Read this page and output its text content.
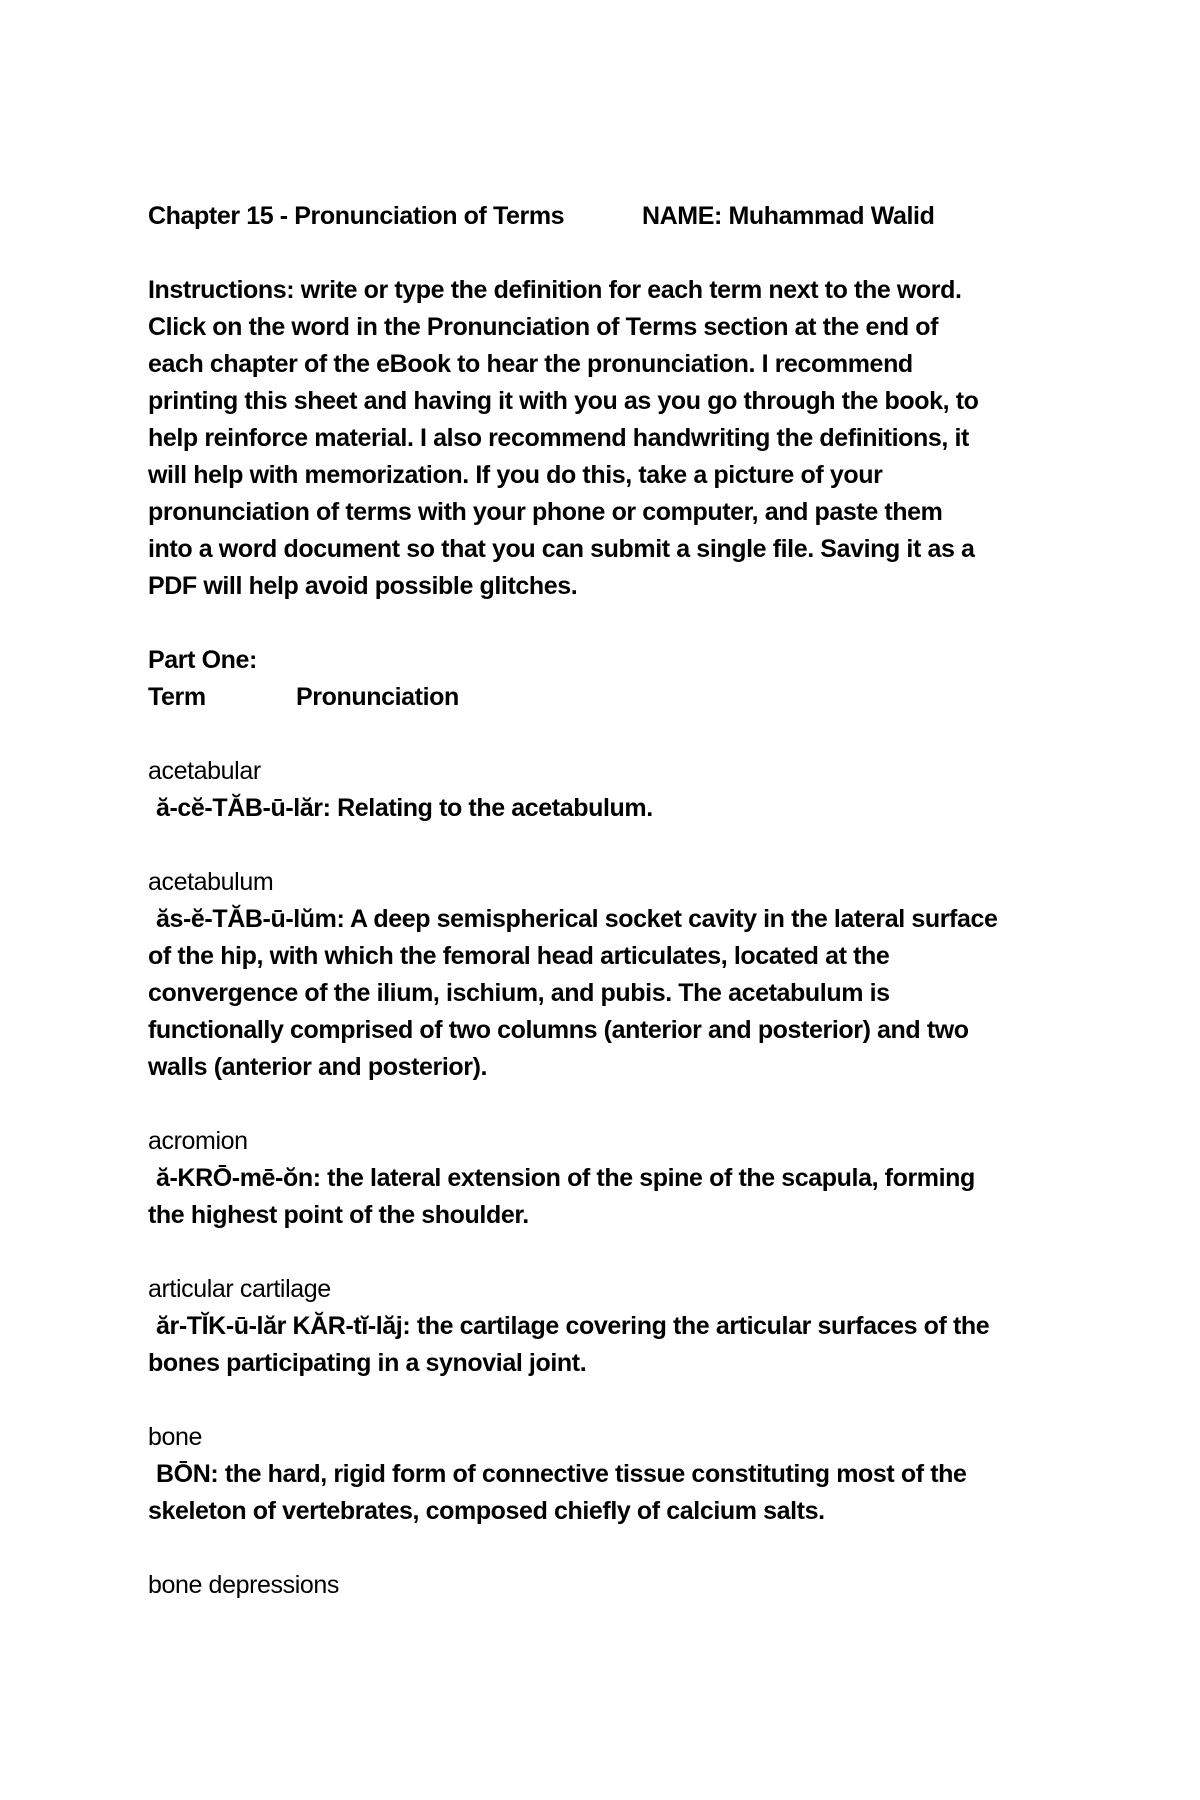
Chapter 15 - Pronunciation of Terms	NAME: Muhammad Walid

Instructions: write or type the definition for each term next to the word.

Click on the word in the Pronunciation of Terms section at the end of

each chapter of the eBook to hear the pronunciation. I recommend

printing this sheet and having it with you as you go through the book, to

help reinforce material. I also recommend handwriting the definitions, it

will help with memorization. If you do this, take a picture of your

pronunciation of terms with your phone or computer, and paste them

into a word document so that you can submit a single file. Saving it as a

PDF will help avoid possible glitches.

Part One:

Term	Pronunciation

acetabular

ă-cĕ-TĂB-ū-lăr: Relating to the acetabulum.

acetabulum

ăs-ĕ-TĂB-ū-lŭm: A deep semispherical socket cavity in the lateral surface

of the hip, with which the femoral head articulates, located at the

convergence of the ilium, ischium, and pubis. The acetabulum is

functionally comprised of two columns (anterior and posterior) and two

walls (anterior and posterior).

acromion

ă-KRŌ-mē-ŏn: the lateral extension of the spine of the scapula, forming

the highest point of the shoulder.

articular cartilage

ăr-TĬK-ū-lăr KĂR-tĭ-lăj: the cartilage covering the articular surfaces of the

bones participating in a synovial joint.

bone

BŌN: the hard, rigid form of connective tissue constituting most of the

skeleton of vertebrates, composed chiefly of calcium salts.

bone depressions
